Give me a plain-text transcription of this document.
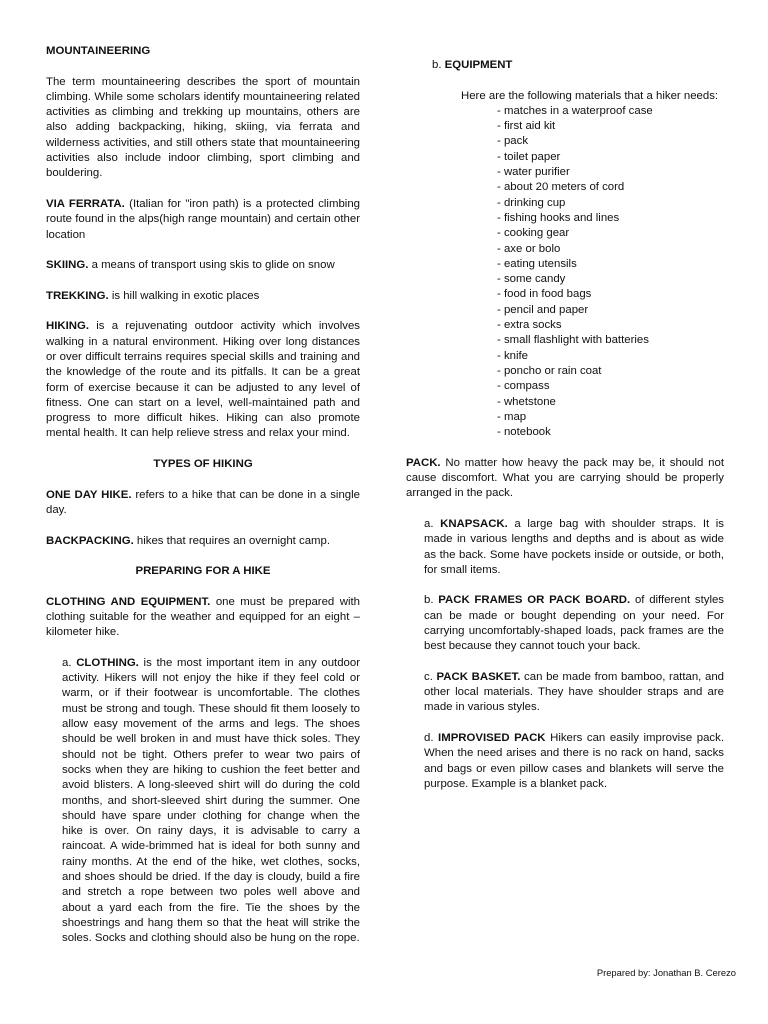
MOUNTAINEERING

The term mountaineering describes the sport of mountain climbing. While some scholars identify mountaineering related activities as climbing and trekking up mountains, others are also adding backpacking, hiking, skiing, via ferrata and wilderness activities, and still others state that mountaineering activities also include indoor climbing, sport climbing and bouldering.

VIA FERRATA. (Italian for "iron path) is a protected climbing route found in the alps(high range mountain) and certain other location

SKIING. a means of transport using skis to glide on snow

TREKKING. is hill walking in exotic places

HIKING. is a rejuvenating outdoor activity which involves walking in a natural environment. Hiking over long distances or over difficult terrains requires special skills and training and the knowledge of the route and its pitfalls. It can be a great form of exercise because it can be adjusted to any level of fitness. One can start on a level, well-maintained path and progress to more difficult hikes. Hiking can also promote mental health. It can help relieve stress and relax your mind.

TYPES OF HIKING

ONE DAY HIKE. refers to a hike that can be done in a single day.

BACKPACKING. hikes that requires an overnight camp.

PREPARING FOR A HIKE

CLOTHING AND EQUIPMENT. one must be prepared with clothing suitable for the weather and equipped for an eight – kilometer hike.

a. CLOTHING. is the most important item in any outdoor activity. Hikers will not enjoy the hike if they feel cold or warm, or if their footwear is uncomfortable. The clothes must be strong and tough. These should fit them loosely to allow easy movement of the arms and legs. The shoes should be well broken in and must have thick soles. They should not be tight. Others prefer to wear two pairs of socks when they are hiking to cushion the feet better and avoid blisters. A long-sleeved shirt will do during the cold months, and short-sleeved shirt during the summer. One should have spare under clothing for change when the hike is over. On rainy days, it is advisable to carry a raincoat. A wide-brimmed hat is ideal for both sunny and rainy months. At the end of the hike, wet clothes, socks, and shoes should be dried. If the day is cloudy, build a fire and stretch a rope between two poles well above and about a yard each from the fire. Tie the shoes by the shoestrings and hang them so that the heat will strike the soles. Socks and clothing should also be hung on the rope.

b. EQUIPMENT

Here are the following materials that a hiker needs:

- matches in a waterproof case
- first aid kit
- pack
- toilet paper
- water purifier
- about 20 meters of cord
- drinking cup
- fishing hooks and lines
- cooking gear
- axe or bolo
- eating utensils
- some candy
- food in food bags
- pencil and paper
- extra socks
- small flashlight with batteries
- knife
- poncho or rain coat
- compass
- whetstone
- map
- notebook

PACK. No matter how heavy the pack may be, it should not cause discomfort. What you are carrying should be properly arranged in the pack.

a. KNAPSACK. a large bag with shoulder straps. It is made in various lengths and depths and is about as wide as the back. Some have pockets inside or outside, or both, for small items.

b. PACK FRAMES OR PACK BOARD. of different styles can be made or bought depending on your need. For carrying uncomfortably-shaped loads, pack frames are the best because they cannot touch your back.

c. PACK BASKET. can be made from bamboo, rattan, and other local materials. They have shoulder straps and are made in various styles.

d. IMPROVISED PACK Hikers can easily improvise pack. When the need arises and there is no rack on hand, sacks and bags or even pillow cases and blankets will serve the purpose. Example is a blanket pack.

Prepared by: Jonathan B. Cerezo
